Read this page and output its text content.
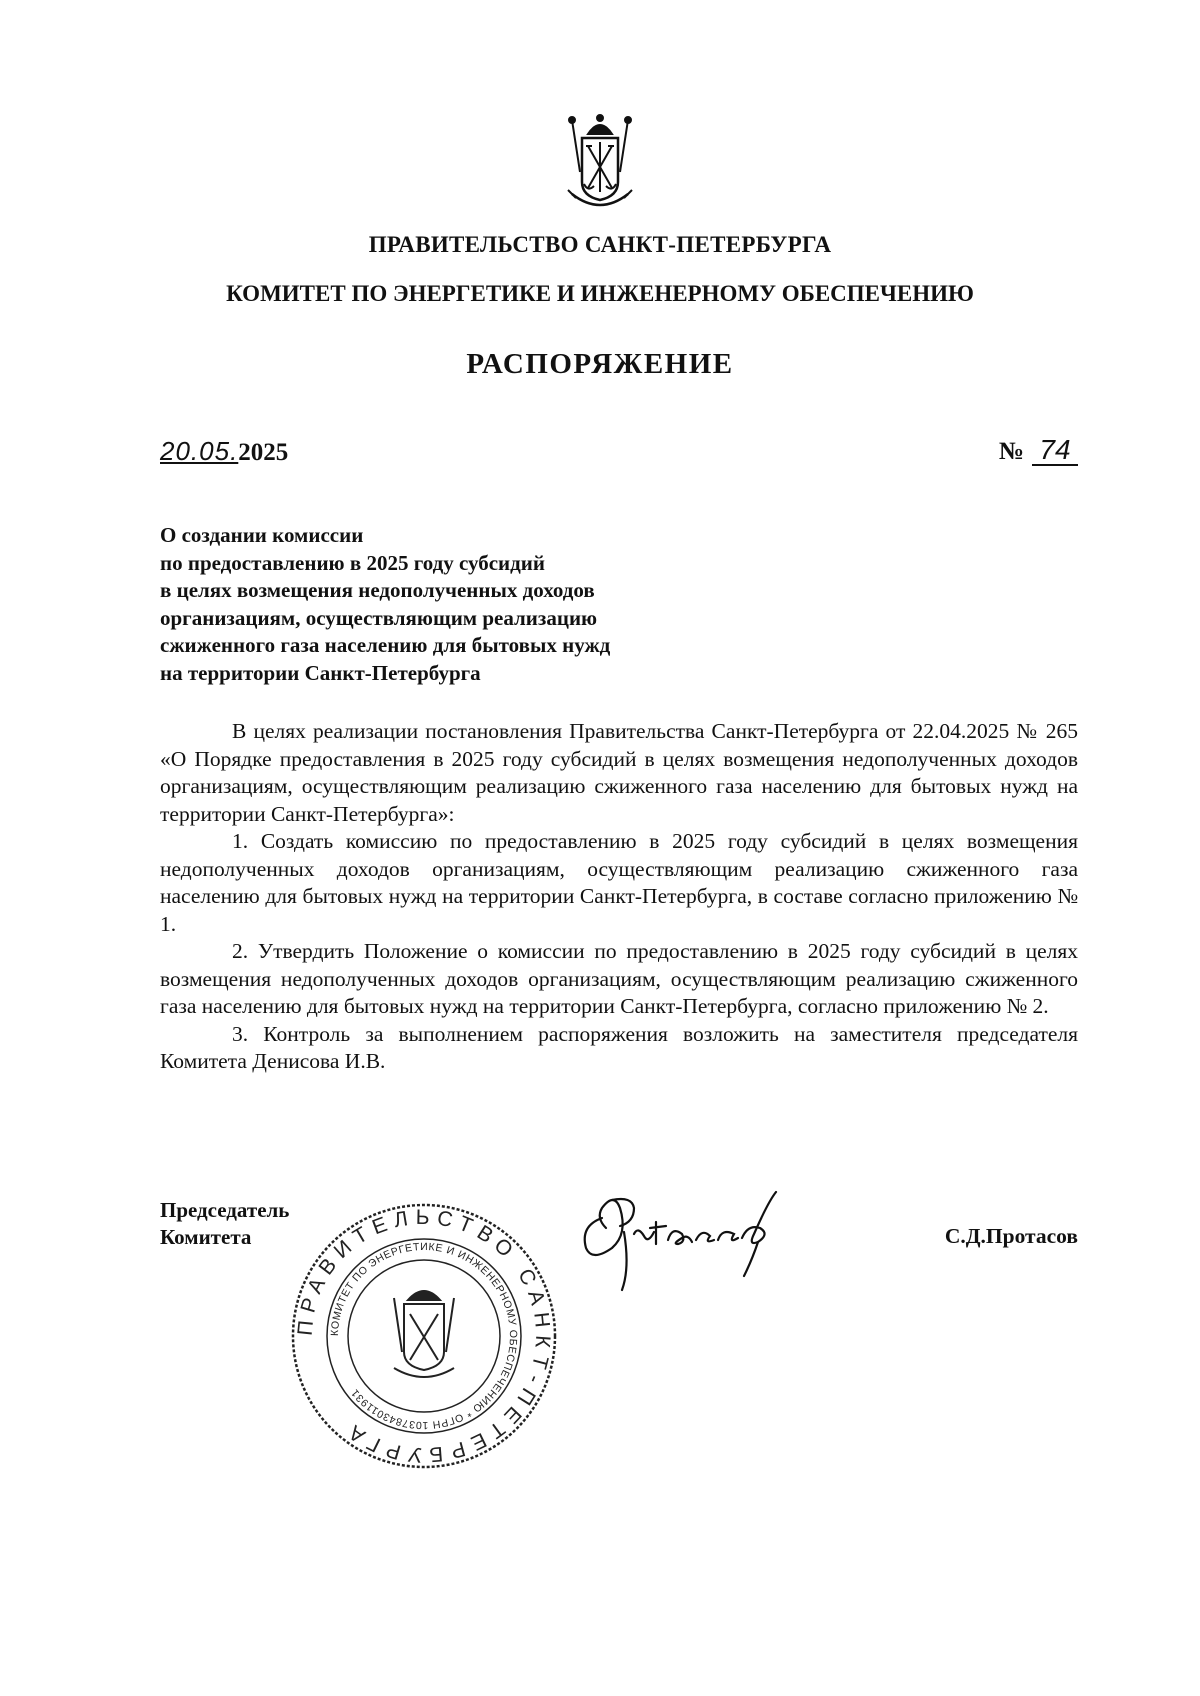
ПРАВИТЕЛЬСТВО САНКТ-ПЕТЕРБУРГА
КОМИТЕТ ПО ЭНЕРГЕТИКЕ И ИНЖЕНЕРНОМУ ОБЕСПЕЧЕНИЮ
РАСПОРЯЖЕНИЕ
20.05.2025	№ 74
О создании комиссии
по предоставлению в 2025 году субсидий
в целях возмещения недополученных доходов
организациям, осуществляющим реализацию
сжиженного газа населению для бытовых нужд
на территории Санкт-Петербурга

В целях реализации постановления Правительства Санкт-Петербурга от 22.04.2025 № 265 «О Порядке предоставления в 2025 году субсидий в целях возмещения недополученных доходов организациям, осуществляющим реализацию сжиженного газа населению для бытовых нужд на территории Санкт-Петербурга»:

1. Создать комиссию по предоставлению в 2025 году субсидий в целях возмещения недополученных доходов организациям, осуществляющим реализацию сжиженного газа населению для бытовых нужд на территории Санкт-Петербурга, в составе согласно приложению № 1.

2. Утвердить Положение о комиссии по предоставлению в 2025 году субсидий в целях возмещения недополученных доходов организациям, осуществляющим реализацию сжиженного газа населению для бытовых нужд на территории Санкт-Петербурга, согласно приложению № 2.

3. Контроль за выполнением распоряжения возложить на заместителя председателя Комитета Денисова И.В.

Председатель
Комитета	С.Д.Протасов
ПРАВИТЕЛЬСТВО САНКТ-ПЕТЕРБУРГА
КОМИТЕТ ПО ЭНЕРГЕТИКЕ И ИНЖЕНЕРНОМУ ОБЕСПЕЧЕНИЮ * ОГРН 1037843011931
